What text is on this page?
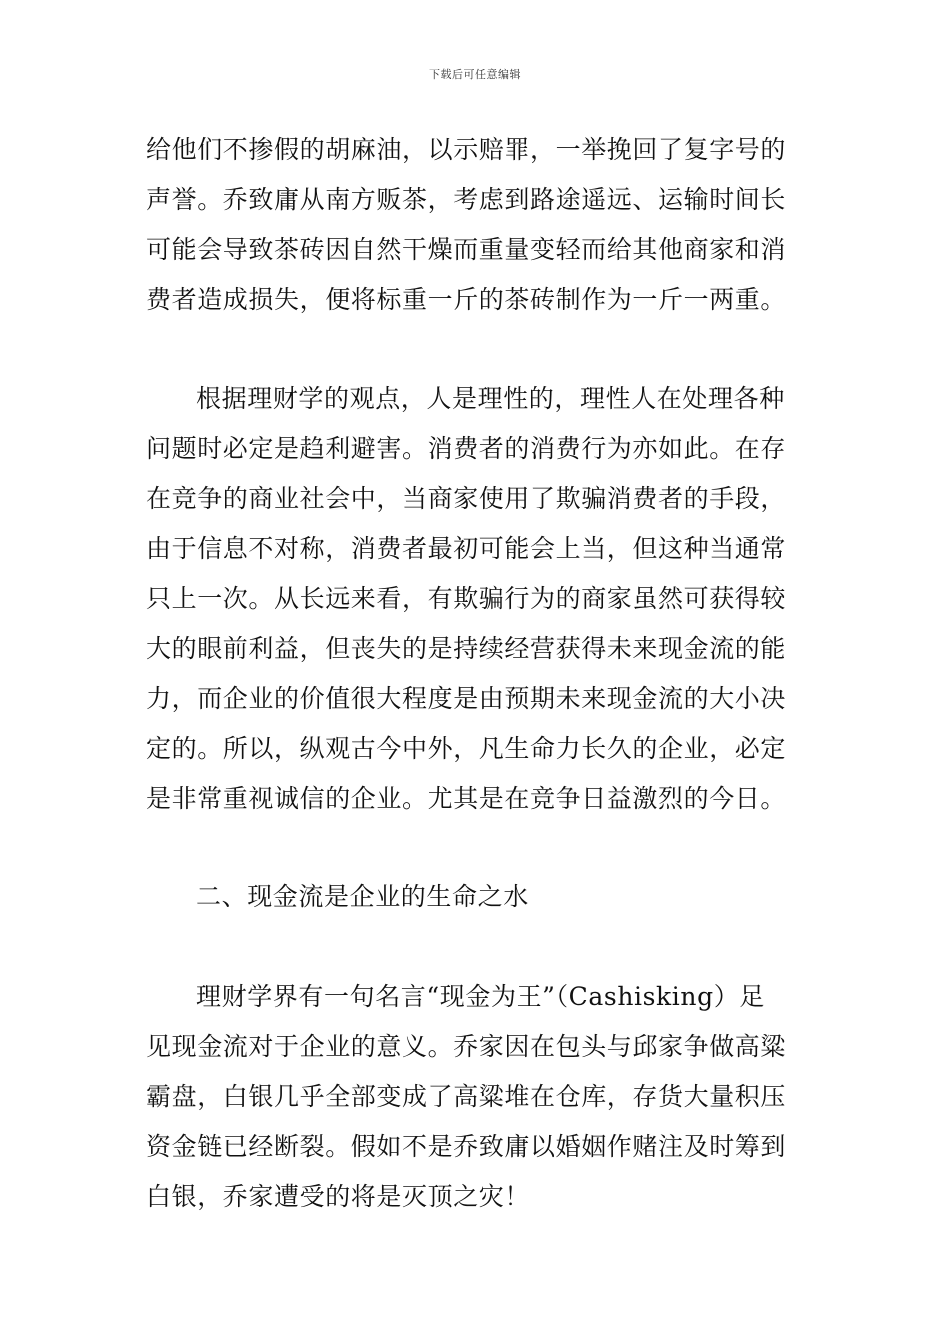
下载后可任意编辑
给他们不掺假的胡麻油，以示赔罪，一举挽回了复字号的
声誉。乔致庸从南方贩茶，考虑到路途遥远、运输时间长
可能会导致茶砖因自然干燥而重量变轻而给其他商家和消
费者造成损失，便将标重一斤的茶砖制作为一斤一两重。
根据理财学的观点，人是理性的，理性人在处理各种
问题时必定是趋利避害。消费者的消费行为亦如此。在存
在竞争的商业社会中，当商家使用了欺骗消费者的手段，
由于信息不对称，消费者最初可能会上当，但这种当通常
只上一次。从长远来看，有欺骗行为的商家虽然可获得较
大的眼前利益，但丧失的是持续经营获得未来现金流的能
力，而企业的价值很大程度是由预期未来现金流的大小决
定的。所以，纵观古今中外，凡生命力长久的企业，必定
是非常重视诚信的企业。尤其是在竞争日益激烈的今日。
二、现金流是企业的生命之水
理财学界有一句名言“现金为王”（Cashisking）足
见现金流对于企业的意义。乔家因在包头与邱家争做高粱
霸盘，白银几乎全部变成了高粱堆在仓库，存货大量积压
资金链已经断裂。假如不是乔致庸以婚姻作赌注及时筹到
白银，乔家遭受的将是灭顶之灾！
